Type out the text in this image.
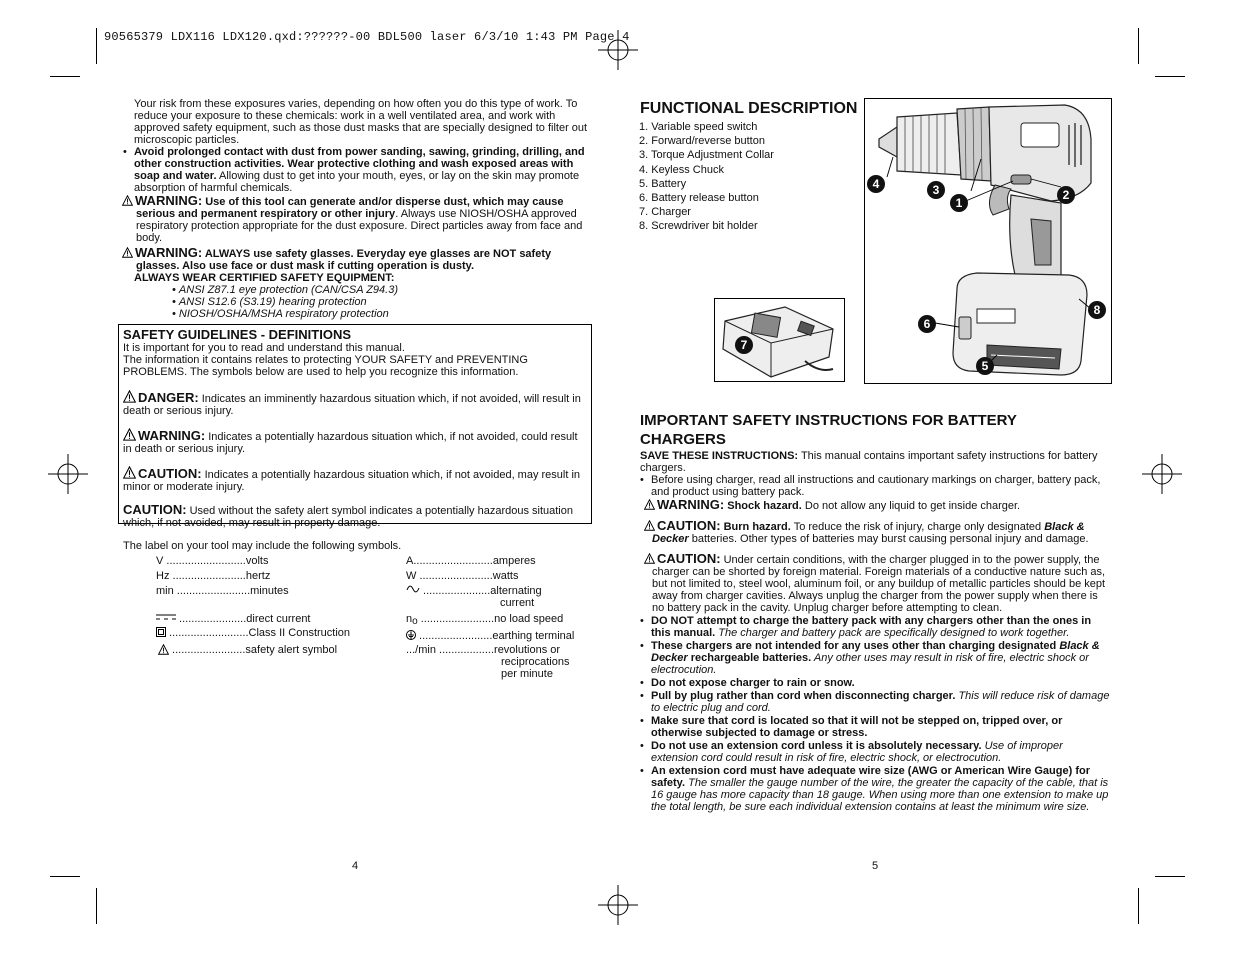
90565379 LDX116 LDX120.qxd:??????-00 BDL500 laser 6/3/10 1:43 PM Page 4
Your risk from these exposures varies, depending on how often you do this type of work. To reduce your exposure to these chemicals: work in a well ventilated area, and work with approved safety equipment, such as those dust masks that are specially designed to filter out microscopic particles.
• Avoid prolonged contact with dust from power sanding, sawing, grinding, drilling, and other construction activities. Wear protective clothing and wash exposed areas with soap and water. Allowing dust to get into your mouth, eyes, or lay on the skin may promote absorption of harmful chemicals.
WARNING: Use of this tool can generate and/or disperse dust, which may cause serious and permanent respiratory or other injury. Always use NIOSH/OSHA approved respiratory protection appropriate for the dust exposure. Direct particles away from face and body.
WARNING: ALWAYS use safety glasses. Everyday eye glasses are NOT safety glasses. Also use face or dust mask if cutting operation is dusty.
ALWAYS WEAR CERTIFIED SAFETY EQUIPMENT:
• ANSI Z87.1 eye protection (CAN/CSA Z94.3)
• ANSI S12.6 (S3.19) hearing protection
• NIOSH/OSHA/MSHA respiratory protection
SAFETY GUIDELINES - DEFINITIONS
It is important for you to read and understand this manual.
The information it contains relates to protecting YOUR SAFETY and PREVENTING PROBLEMS. The symbols below are used to help you recognize this information.
DANGER: Indicates an imminently hazardous situation which, if not avoided, will result in death or serious injury.
WARNING: Indicates a potentially hazardous situation which, if not avoided, could result in death or serious injury.
CAUTION: Indicates a potentially hazardous situation which, if not avoided, may result in minor or moderate injury.
CAUTION: Used without the safety alert symbol indicates a potentially hazardous situation which, if not avoided, may result in property damage.
The label on your tool may include the following symbols.
V ..........................volts
Hz ........................hertz
min ........................minutes
......................direct current
..........................Class II Construction
........................safety alert symbol
A..........................amperes
W ........................watts
......................alternating
current
no ........................no load speed
........................earthing terminal
.../min ..................revolutions or
reciprocations
per minute
4
FUNCTIONAL DESCRIPTION
1. Variable speed switch
2. Forward/reverse button
3. Torque Adjustment Collar
4. Keyless Chuck
5. Battery
6. Battery release button
7. Charger
8. Screwdriver bit holder
4	3
1
2
8
6
5
7
IMPORTANT SAFETY INSTRUCTIONS FOR BATTERY
CHARGERS
SAVE THESE INSTRUCTIONS: This manual contains important safety instructions for battery chargers.
• Before using charger, read all instructions and cautionary markings on charger, battery pack, and product using battery pack.
WARNING: Shock hazard. Do not allow any liquid to get inside charger.
CAUTION: Burn hazard. To reduce the risk of injury, charge only designated Black & Decker batteries. Other types of batteries may burst causing personal injury and damage.
CAUTION: Under certain conditions, with the charger plugged in to the power supply, the charger can be shorted by foreign material. Foreign materials of a conductive nature such as, but not limited to, steel wool, aluminum foil, or any buildup of metallic particles should be kept away from charger cavities. Always unplug the charger from the power supply when there is no battery pack in the cavity. Unplug charger before attempting to clean.
• DO NOT attempt to charge the battery pack with any chargers other than the ones in this manual. The charger and battery pack are specifically designed to work together.
• These chargers are not intended for any uses other than charging designated Black & Decker rechargeable batteries. Any other uses may result in risk of fire, electric shock or electrocution.
• Do not expose charger to rain or snow.
• Pull by plug rather than cord when disconnecting charger. This will reduce risk of damage to electric plug and cord.
• Make sure that cord is located so that it will not be stepped on, tripped over, or otherwise subjected to damage or stress.
• Do not use an extension cord unless it is absolutely necessary. Use of improper extension cord could result in risk of fire, electric shock, or electrocution.
• An extension cord must have adequate wire size (AWG or American Wire Gauge) for safety. The smaller the gauge number of the wire, the greater the capacity of the cable, that is 16 gauge has more capacity than 18 gauge. When using more than one extension to make up the total length, be sure each individual extension contains at least the minimum wire size.
5
